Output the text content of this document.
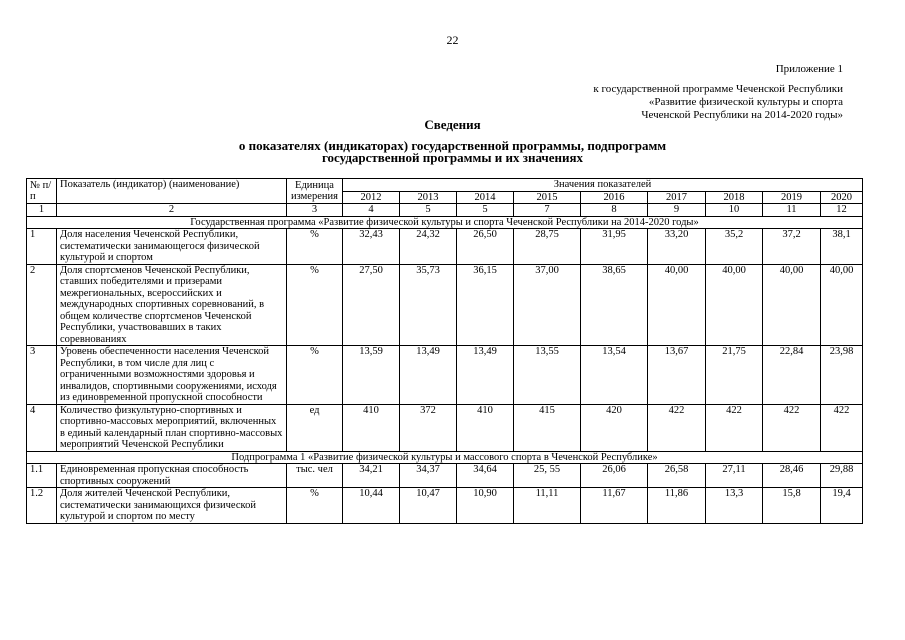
22
Приложение 1
к государственной программе Чеченской Республики
«Развитие физической культуры и спорта
Чеченской Республики на 2014-2020 годы»
Сведения
о показателях (индикаторах) государственной программы, подпрограмм
государственной программы и их значениях
№ п/п	Показатель (индикатор) (наименование)	Единица измерения	Значения показателей								
			2012	2013	2014	2015	2016	2017	2018	2019	2020
1	2	3	4	5	5	7	8	9	10	11	12
Государственная программа «Развитие физической культуры и спорта Чеченской Республики на 2014-2020 годы»											
1	Доля населения Чеченской Республики, систематически занимающегося физической культурой и спортом	%	32,43	24,32	26,50	28,75	31,95	33,20	35,2	37,2	38,1
2	Доля спортсменов Чеченской Республики, ставших победителями и призерами межрегиональных, всероссийских и международных спортивных соревнований, в общем количестве спортсменов Чеченской Республики, участвовавших в таких соревнованиях	%	27,50	35,73	36,15	37,00	38,65	40,00	40,00	40,00	40,00
3	Уровень обеспеченности населения Чеченской Республики, в том числе для лиц с ограниченными возможностями здоровья и инвалидов, спортивными сооружениями, исходя из единовременной пропускной способности	%	13,59	13,49	13,49	13,55	13,54	13,67	21,75	22,84	23,98
4	Количество физкультурно-спортивных и спортивно-массовых мероприятий, включенных в единый календарный план спортивно-массовых мероприятий Чеченской Республики	ед	410	372	410	415	420	422	422	422	422
Подпрограмма 1 «Развитие физической культуры и массового спорта в Чеченской Республике»											
1.1	Единовременная пропускная способность спортивных сооружений	тыс. чел	34,21	34,37	34,64	25, 55	26,06	26,58	27,11	28,46	29,88
1.2	Доля жителей Чеченской Республики, систематически занимающихся физической культурой и спортом по месту	%	10,44	10,47	10,90	11,11	11,67	11,86	13,3	15,8	19,4
